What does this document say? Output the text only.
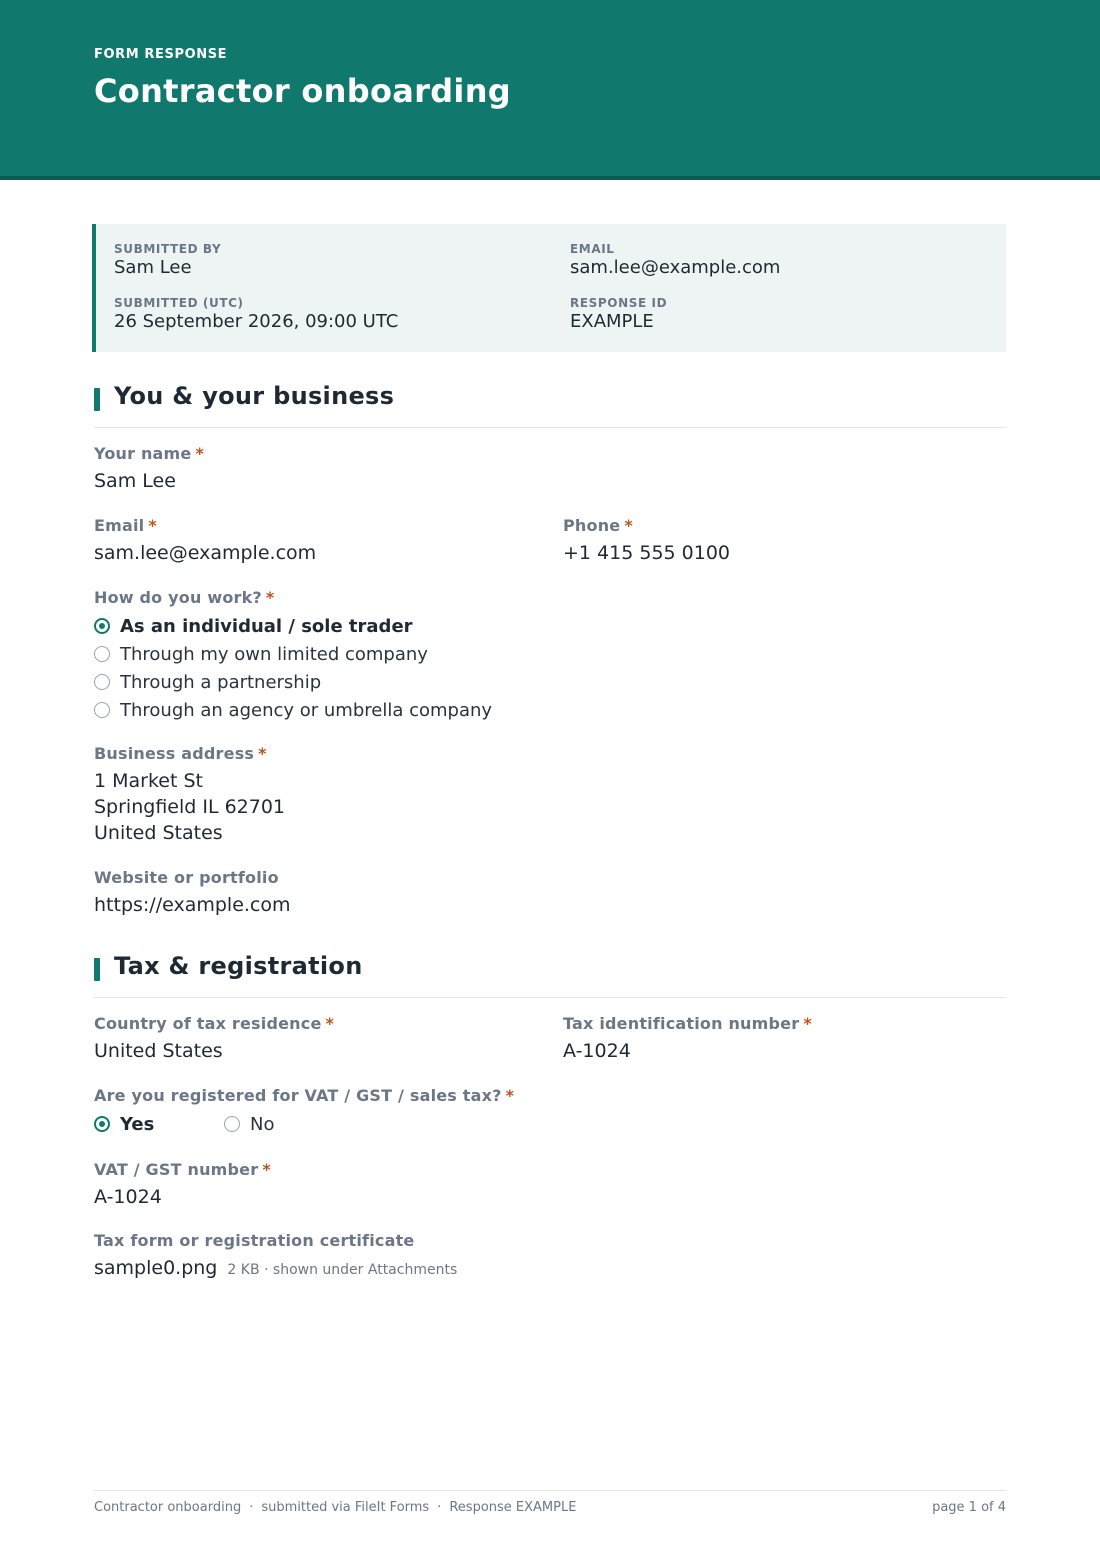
FORM RESPONSE
Contractor onboarding
SUBMITTED BY
Sam Lee
EMAIL
sam.lee@example.com
SUBMITTED (UTC)
26 September 2026, 09:00 UTC
RESPONSE ID
EXAMPLE
You & your business
Your name *
Sam Lee
Email *
sam.lee@example.com
Phone *
+1 415 555 0100
How do you work? *
As an individual / sole trader
Through my own limited company
Through a partnership
Through an agency or umbrella company
Business address *
1 Market St
Springfield IL 62701
United States
Website or portfolio
https://example.com
Tax & registration
Country of tax residence *
United States
Tax identification number *
A-1024
Are you registered for VAT / GST / sales tax? *
Yes	No
VAT / GST number *
A-1024
Tax form or registration certificate
sample0.png 2 KB · shown under Attachments
Contractor onboarding · submitted via FileIt Forms · Response EXAMPLE	page 1 of 4
